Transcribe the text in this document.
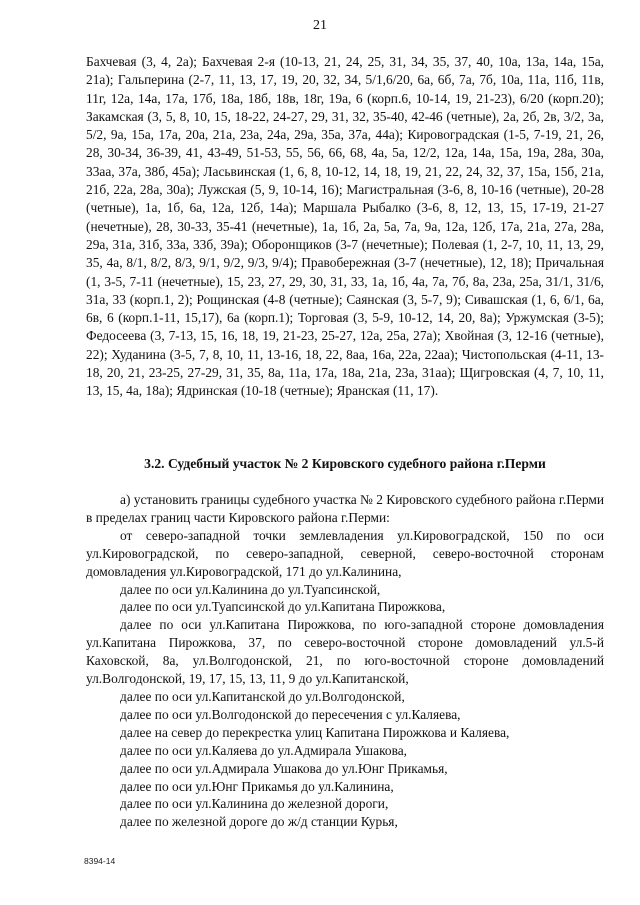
21
Бахчевая (3, 4, 2а); Бахчевая 2-я (10-13, 21, 24, 25, 31, 34, 35, 37, 40, 10а, 13а, 14а, 15а, 21а); Гальперина (2-7, 11, 13, 17, 19, 20, 32, 34, 5/1,6/20, 6а, 6б, 7а, 7б, 10а, 11а, 11б, 11в, 11г, 12а, 14а, 17а, 17б, 18а, 18б, 18в, 18г, 19а, 6 (корп.6, 10-14, 19, 21-23), 6/20 (корп.20); Закамская (3, 5, 8, 10, 15, 18-22, 24-27, 29, 31, 32, 35-40, 42-46 (четные), 2а, 2б, 2в, 3/2, 3а, 5/2, 9а, 15а, 17а, 20а, 21а, 23а, 24а, 29а, 35а, 37а, 44а); Кировоградская (1-5, 7-19, 21, 26, 28, 30-34, 36-39, 41, 43-49, 51-53, 55, 56, 66, 68, 4а, 5а, 12/2, 12а, 14а, 15а, 19а, 28а, 30а, 33аа, 37а, 38б, 45а); Ласьвинская (1, 6, 8, 10-12, 14, 18, 19, 21, 22, 24, 32, 37, 15а, 15б, 21а, 21б, 22а, 28а, 30а); Лужская (5, 9, 10-14, 16); Магистральная (3-6, 8, 10-16 (четные), 20-28 (четные), 1а, 1б, 6а, 12а, 12б, 14а); Маршала Рыбалко (3-6, 8, 12, 13, 15, 17-19, 21-27 (нечетные), 28, 30-33, 35-41 (нечетные), 1а, 1б, 2а, 5а, 7а, 9а, 12а, 12б, 17а, 21а, 27а, 28а, 29а, 31а, 31б, 33а, 33б, 39а); Оборонщиков (3-7 (нечетные); Полевая (1, 2-7, 10, 11, 13, 29, 35, 4а, 8/1, 8/2, 8/3, 9/1, 9/2, 9/3, 9/4); Правобережная (3-7 (нечетные), 12, 18); Причальная (1, 3-5, 7-11 (нечетные), 15, 23, 27, 29, 30, 31, 33, 1а, 1б, 4а, 7а, 7б, 8а, 23а, 25а, 31/1, 31/6, 31а, 33 (корп.1, 2); Рощинская (4-8 (четные); Саянская (3, 5-7, 9); Сивашская (1, 6, 6/1, 6а, 6в, 6 (корп.1-11, 15,17), 6а (корп.1); Торговая (3, 5-9, 10-12, 14, 20, 8а); Уржумская (3-5); Федосеева (3, 7-13, 15, 16, 18, 19, 21-23, 25-27, 12а, 25а, 27а); Хвойная (3, 12-16 (четные), 22); Худанина (3-5, 7, 8, 10, 11, 13-16, 18, 22, 8аа, 16а, 22а, 22аа); Чистопольская (4-11, 13-18, 20, 21, 23-25, 27-29, 31, 35, 8а, 11а, 17а, 18а, 21а, 23а, 31аа); Щигровская (4, 7, 10, 11, 13, 15, 4а, 18а); Ядринская (10-18 (четные); Яранская (11, 17).
3.2. Судебный участок № 2 Кировского судебного района г.Перми

а) установить границы судебного участка № 2 Кировского судебного района г.Перми в пределах границ части Кировского района г.Перми:

от северо-западной точки землевладения ул.Кировоградской, 150 по оси ул.Кировоградской, по северо-западной, северной, северо-восточной сторонам домовладения ул.Кировоградской, 171 до ул.Калинина,

далее по оси ул.Калинина до ул.Туапсинской,

далее по оси ул.Туапсинской до ул.Капитана Пирожкова,

далее по оси ул.Капитана Пирожкова, по юго-западной стороне домовладения ул.Капитана Пирожкова, 37, по северо-восточной стороне домовладений ул.5-й Каховской, 8а, ул.Волгодонской, 21, по юго-восточной стороне домовладений ул.Волгодонской, 19, 17, 15, 13, 11, 9 до ул.Капитанской,

далее по оси ул.Капитанской до ул.Волгодонской,

далее по оси ул.Волгодонской до пересечения с ул.Каляева,

далее на север до перекрестка улиц Капитана Пирожкова и Каляева,

далее по оси ул.Каляева до ул.Адмирала Ушакова,

далее по оси ул.Адмирала Ушакова до ул.Юнг Прикамья,

далее по оси ул.Юнг Прикамья до ул.Калинина,

далее по оси ул.Калинина до железной дороги,

далее по железной дороге до ж/д станции Курья,

8394-14
